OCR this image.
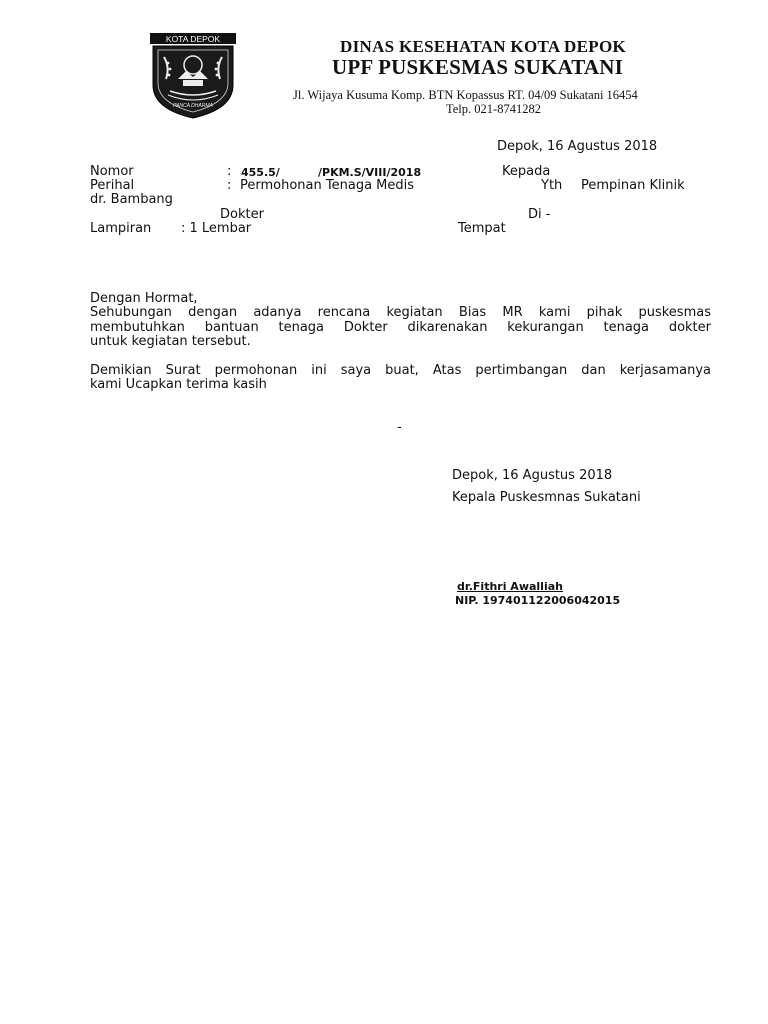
KOTA DEPOK
PANCA DHARMA
DINAS KESEHATAN KOTA DEPOK
UPF PUSKESMAS SUKATANI
Jl. Wijaya Kusuma Komp. BTN Kopassus RT. 04/09 Sukatani 16454
Telp. 021-8741282
Depok, 16 Agustus 2018
Nomor	: 455.5/	/PKM.S/VIII/2018	Kepada
Perihal	: Permohonan Tenaga Medis	Yth Pempinan Klinik
dr. Bambang
Dokter	Di -
Lampiran : 1 Lembar	Tempat
Dengan Hormat,
Sehubungan dengan adanya rencana kegiatan Bias MR kami pihak puskesmas
membutuhkan bantuan tenaga Dokter dikarenakan kekurangan tenaga dokter
untuk kegiatan tersebut.
Demikian Surat permohonan ini saya buat, Atas pertimbangan dan kerjasamanya
kami Ucapkan terima kasih
-
Depok, 16 Agustus 2018
Kepala Puskesmnas Sukatani
dr.Fithri Awalliah
NIP. 197401122006042015
